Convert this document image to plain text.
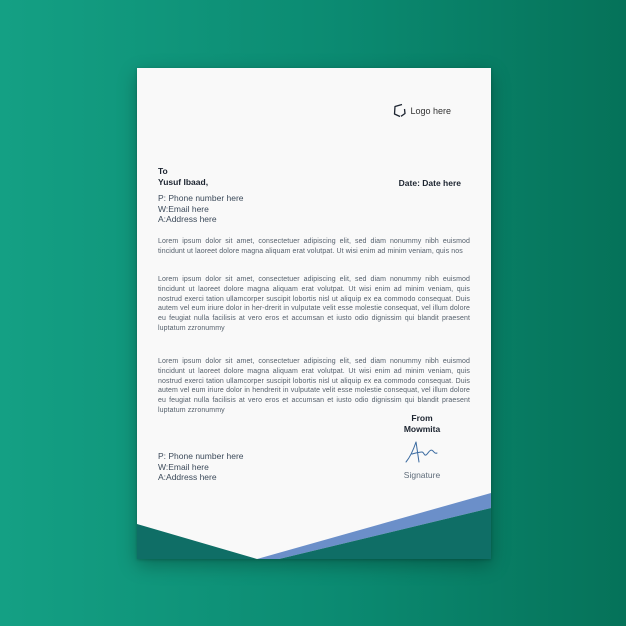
Logo here
To
Yusuf Ibaad,	Date: Date here
P: Phone number here
W:Email here
A:Address here
Lorem ipsum dolor sit amet, consectetuer adipiscing elit, sed diam nonummy nibh euismod tincidunt ut laoreet dolore magna aliquam erat volutpat. Ut wisi enim ad minim veniam, quis nos
Lorem ipsum dolor sit amet, consectetuer adipiscing elit, sed diam nonummy nibh euismod tincidunt ut laoreet dolore magna aliquam erat volutpat. Ut wisi enim ad minim veniam, quis nostrud exerci tation ullamcorper suscipit lobortis nisl ut aliquip ex ea commodo consequat. Duis autem vel eum iriure dolor in her-drerit in vulputate velit esse molestie consequat, vel illum dolore eu feugiat nulla facilisis at vero eros et accumsan et iusto odio dignissim qui blandit praesent luptatum zzronummy
Lorem ipsum dolor sit amet, consectetuer adipiscing elit, sed diam nonummy nibh euismod tincidunt ut laoreet dolore magna aliquam erat volutpat. Ut wisi enim ad minim veniam, quis nostrud exerci tation ullamcorper suscipit lobortis nisl ut aliquip ex ea commodo consequat. Duis autem vel eum iriure dolor in hendrerit in vulputate velit esse molestie consequat, vel illum dolore eu feugiat nulla facilisis at vero eros et accumsan et iusto odio dignissim qui blandit praesent luptatum zzronummy
From
Mowmita
Signature
P: Phone number here
W:Email here
A:Address here
